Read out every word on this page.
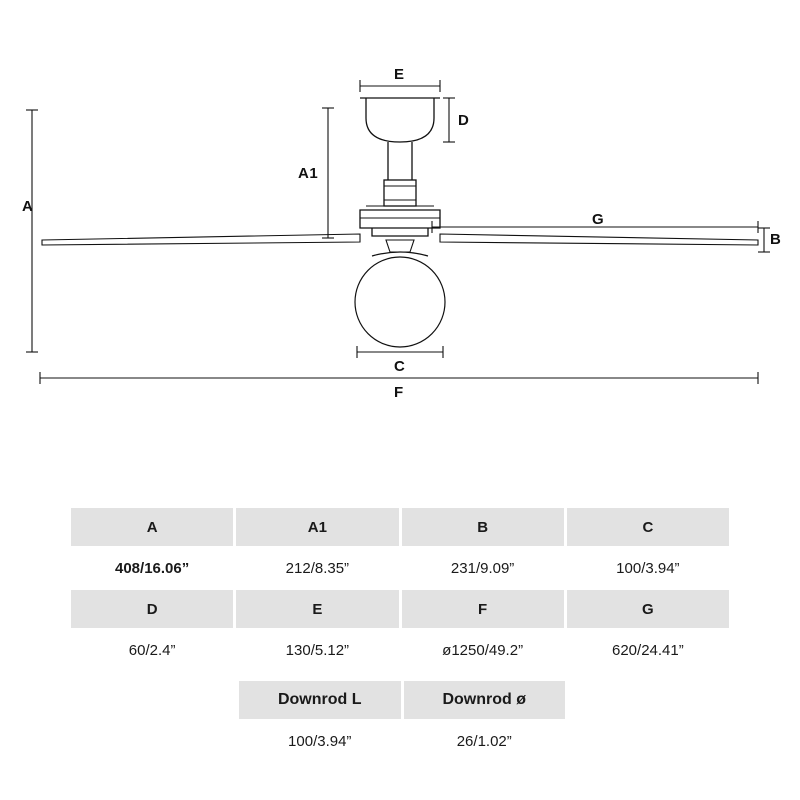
A
A1
B
C
D
E
F
G
A	A1	B	C
408/16.06”	212/8.35”	231/9.09”	100/3.94”
D	E	F	G
60/2.4”	130/5.12”	ø1250/49.2”	620/24.41”
Downrod L	Downrod ø
100/3.94”	26/1.02”
